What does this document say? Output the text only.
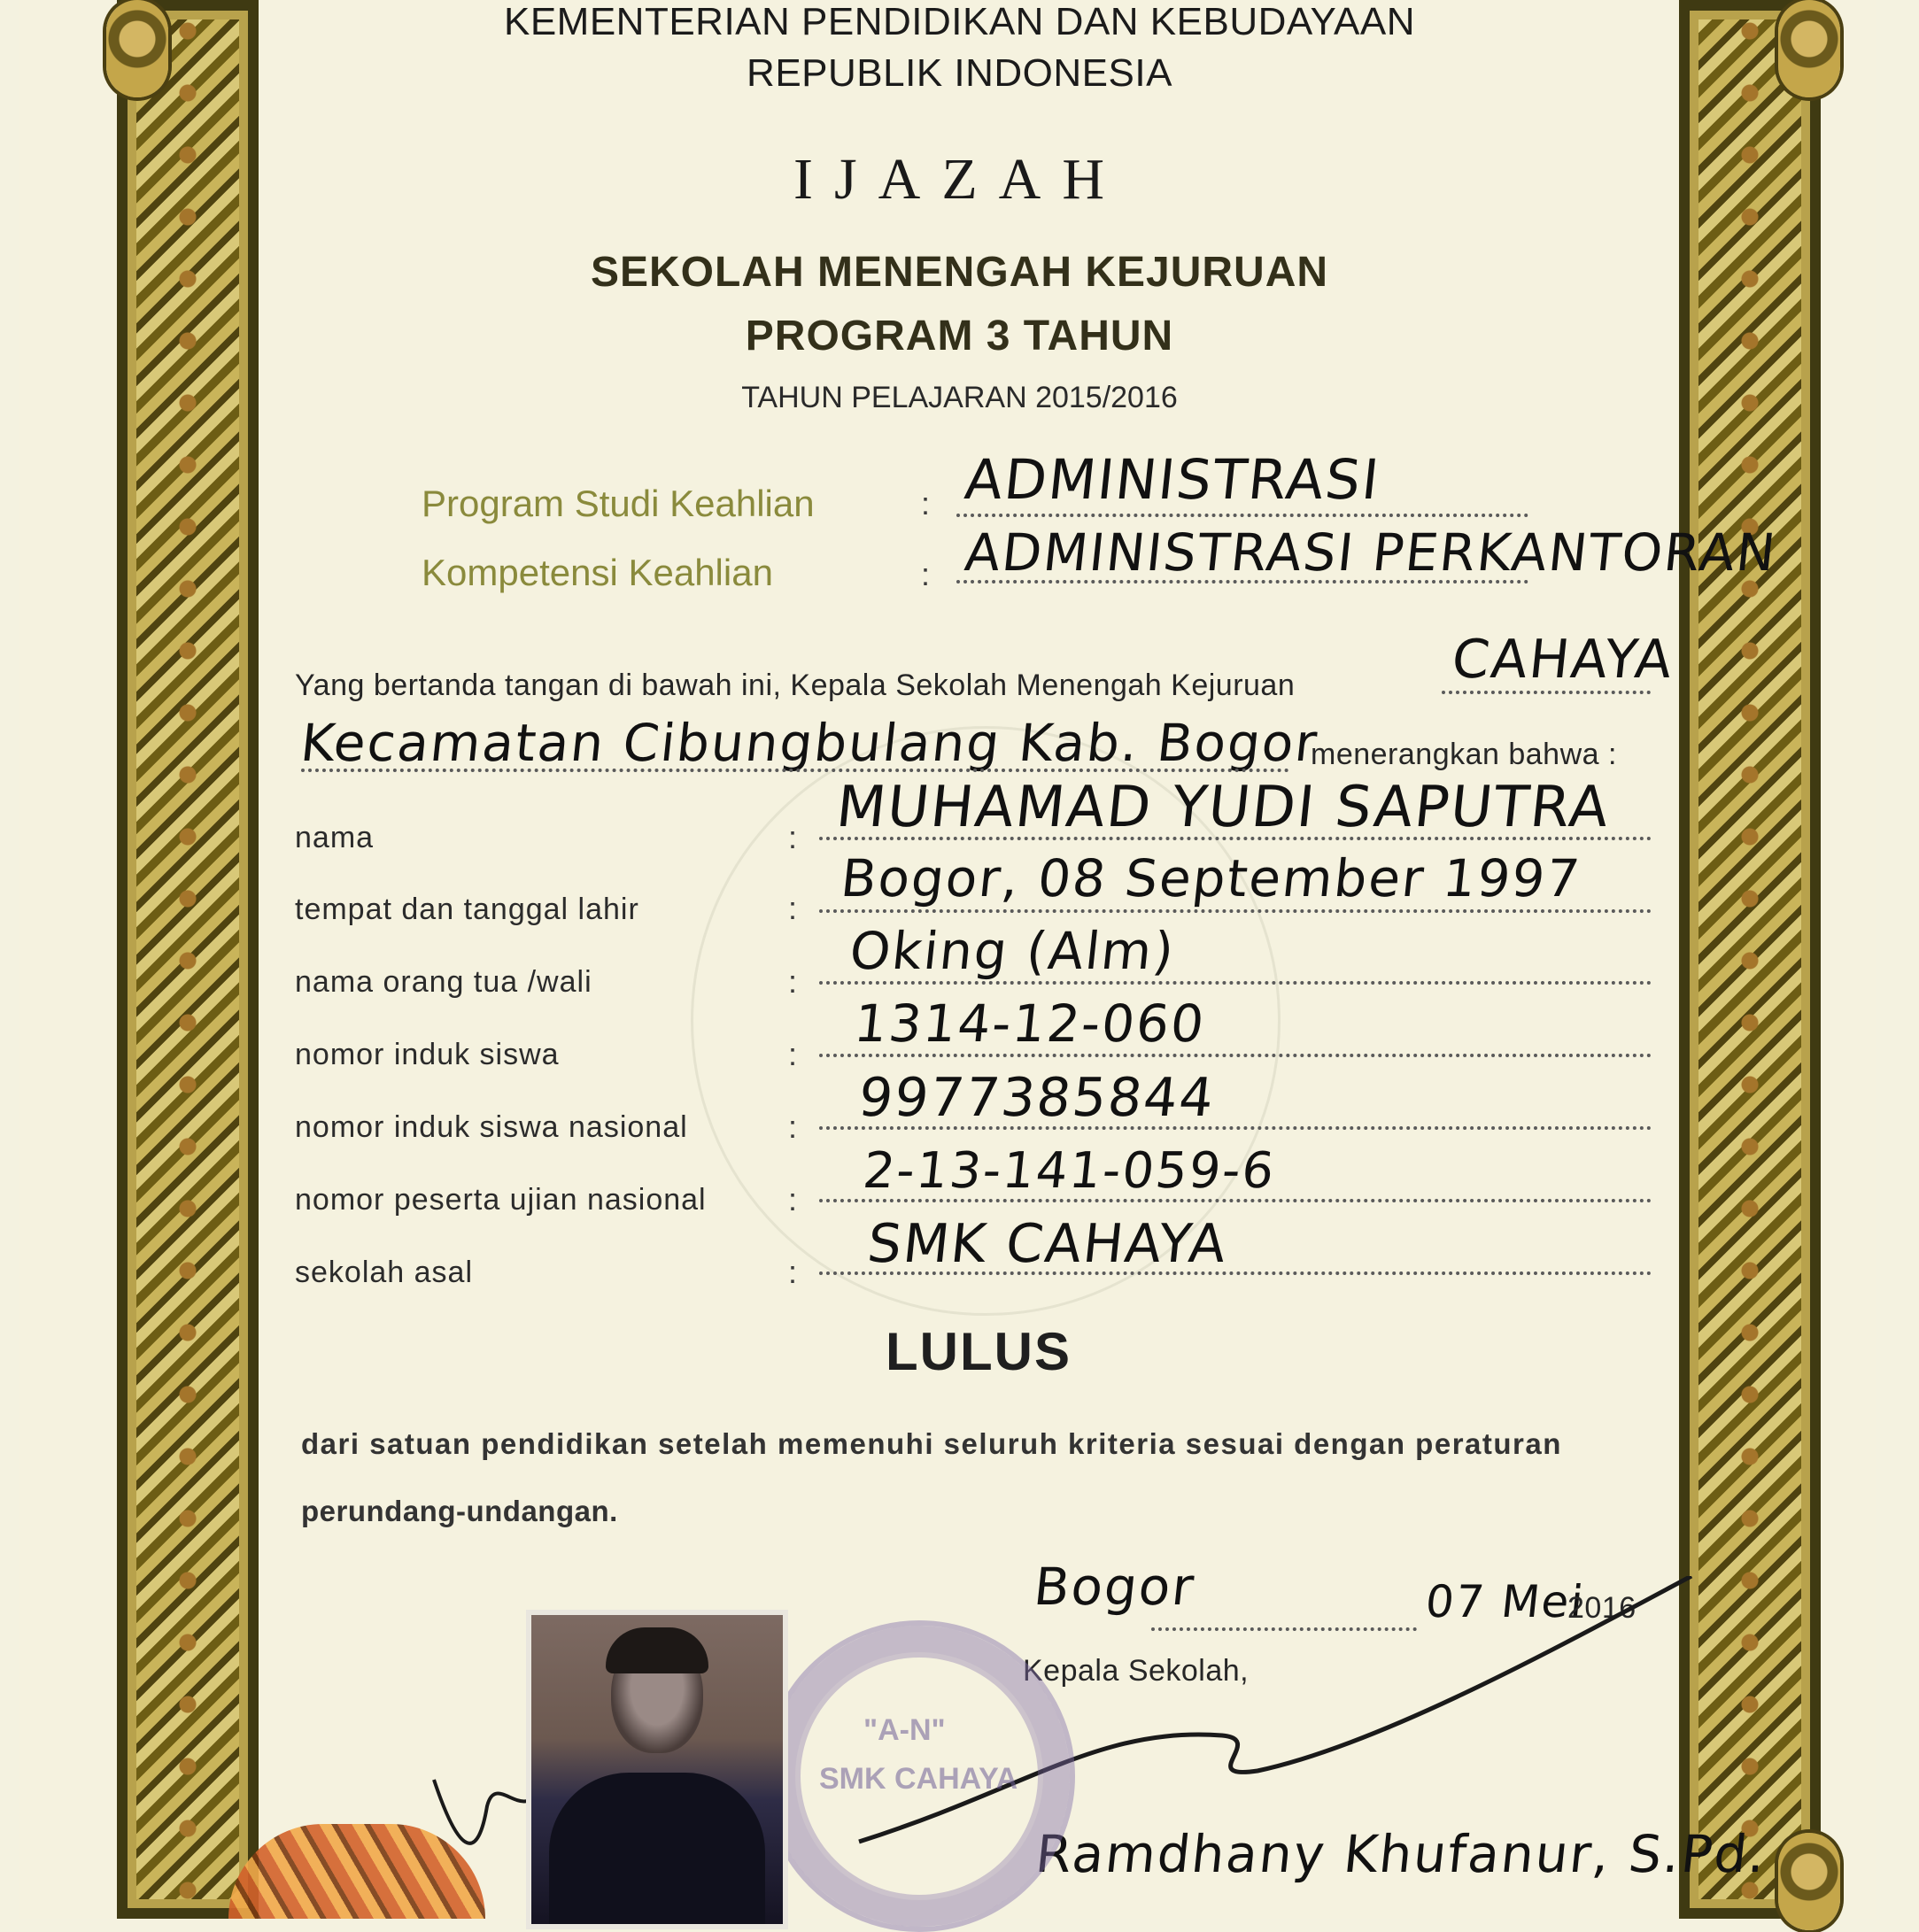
KEMENTERIAN PENDIDIKAN DAN KEBUDAYAAN
REPUBLIK INDONESIA
IJAZAH
SEKOLAH MENENGAH KEJURUAN
PROGRAM 3 TAHUN
TAHUN PELAJARAN 2015/2016
Program Studi Keahlian	: ADMINISTRASI
Kompetensi Keahlian	: ADMINISTRASI PERKANTORAN
Yang bertanda tangan di bawah ini, Kepala Sekolah Menengah Kejuruan	CAHAYA
Kecamatan Cibungbulang Kab. Bogor
menerangkan bahwa :
nama	: MUHAMAD YUDI SAPUTRA
tempat dan tanggal lahir	: Bogor, 08 September 1997
nama orang tua /wali	:
Oking (Alm)
nomor induk siswa	:
1314-12-060
nomor induk siswa nasional	: 9977385844
nomor peserta ujian nasional	: 2-13-141-059-6
sekolah asal	: SMK CAHAYA
LULUS
dari satuan pendidikan setelah memenuhi seluruh kriteria sesuai dengan peraturan
perundang-undangan.
Bogor	07 Mei
2016
Kepala Sekolah,
Ramdhany Khufanur, S.Pd.
"A-N"
SMK CAHAYA
